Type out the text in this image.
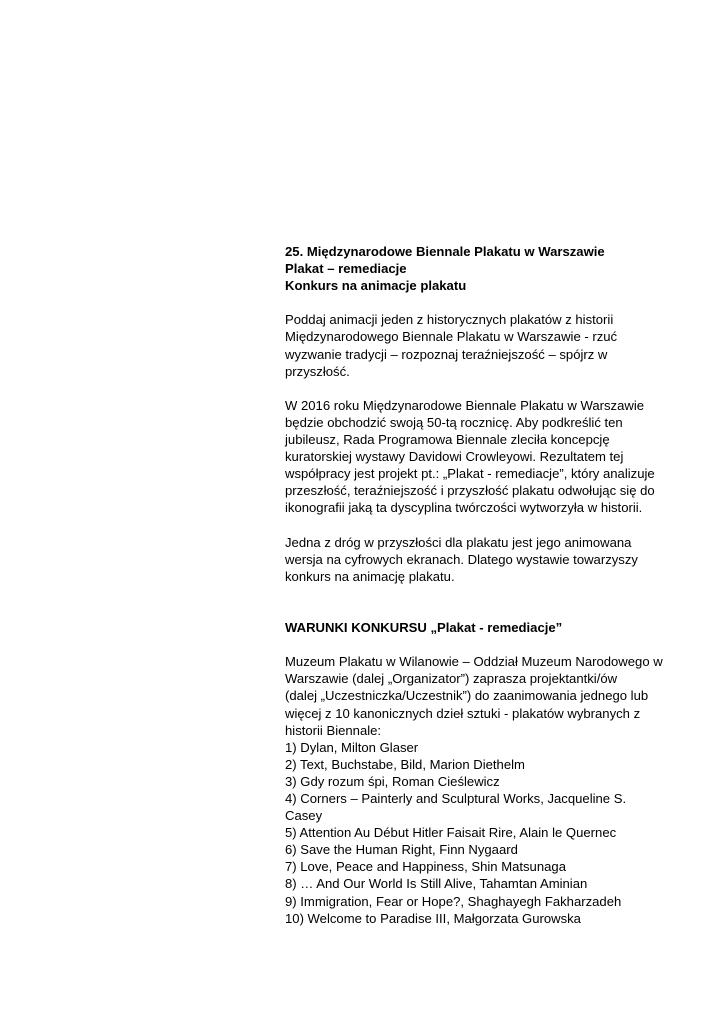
25. Międzynarodowe Biennale Plakatu w Warszawie
Plakat – remediacje
Konkurs na animacje plakatu
Poddaj animacji jeden z historycznych plakatów z historii
Międzynarodowego Biennale Plakatu w Warszawie - rzuć
wyzwanie tradycji – rozpoznaj teraźniejszość – spójrz w
przyszłość.
W 2016 roku Międzynarodowe Biennale Plakatu w Warszawie
będzie obchodzić swoją 50-tą rocznicę. Aby podkreślić ten
jubileusz, Rada Programowa Biennale zleciła koncepcję
kuratorskiej wystawy Davidowi Crowleyowi. Rezultatem tej
współpracy jest projekt pt.: „Plakat - remediacje”, który analizuje
przeszłość, teraźniejszość i przyszłość plakatu odwołując się do
ikonografii jaką ta dyscyplina twórczości wytworzyła w historii.
Jedna z dróg w przyszłości dla plakatu jest jego animowana
wersja na cyfrowych ekranach. Dlatego wystawie towarzyszy
konkurs na animację plakatu.
WARUNKI KONKURSU „Plakat - remediacje”
Muzeum Plakatu w Wilanowie – Oddział Muzeum Narodowego w
Warszawie (dalej „Organizator”) zaprasza projektantki/ów
(dalej „Uczestniczka/Uczestnik”) do zaanimowania jednego lub
więcej z 10 kanonicznych dzieł sztuki - plakatów wybranych z
historii Biennale:
1) Dylan, Milton Glaser
2) Text, Buchstabe, Bild, Marion Diethelm
3) Gdy rozum śpi, Roman Cieślewicz
4) Corners – Painterly and Sculptural Works, Jacqueline S.
Casey
5) Attention Au Début Hitler Faisait Rire, Alain le Quernec
6) Save the Human Right, Finn Nygaard
7) Love, Peace and Happiness, Shin Matsunaga
8) … And Our World Is Still Alive, Tahamtan Aminian
9) Immigration, Fear or Hope?, Shaghayegh Fakharzadeh
10) Welcome to Paradise III, Małgorzata Gurowska
